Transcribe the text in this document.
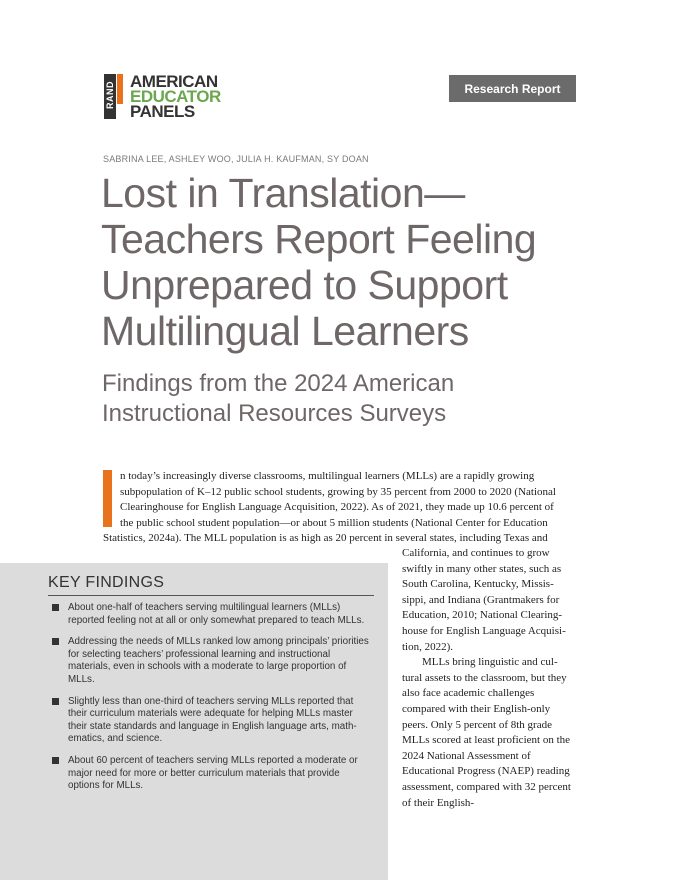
RAND AMERICAN
EDUCATOR
PANELS
Research Report
SABRINA LEE, ASHLEY WOO, JULIA H. KAUFMAN, SY DOAN
Lost in Translation— Teachers Report Feeling Unprepared to Support Multilingual Learners
Findings from the 2024 American Instructional Resources Surveys

n today’s increasingly diverse classrooms, multilingual learners (MLLs) are a rapidly growing

subpopulation of K–12 public school students, growing by 35 percent from 2000 to 2020 (National

Clearinghouse for English Language Acquisition, 2022). As of 2021, they made up 10.6 percent of

the public school student population—or about 5 million students (National Center for Education

Statistics, 2024a). The MLL population is as high as 20 percent in several states, including Texas and

KEY FINDINGS
About one-half of teachers serving multilingual learners (MLLs) reported feeling not at all or only somewhat prepared to teach MLLs.
Addressing the needs of MLLs ranked low among principals’ priorities for selecting teachers’ professional learning and instructional materials, even in schools with a moderate to large proportion of MLLs.
Slightly less than one-third of teachers serving MLLs reported that their curriculum materials were adequate for helping MLLs master their state standards and language in English language arts, mathematics, and science.
About 60 percent of teachers serving MLLs reported a moderate or major need for more or better curriculum materials that provide options for MLLs.

California, and continues to grow swiftly in many other states, such as South Carolina, Kentucky, Mississippi, and Indiana (Grantmakers for Education, 2010; National Clearinghouse for English Language Acquisition, 2022).

MLLs bring linguistic and cultural assets to the classroom, but they also face academic challenges compared with their English-only peers. Only 5 percent of 8th grade MLLs scored at least proficient on the 2024 National Assessment of Educational Progress (NAEP) reading assessment, compared with 32 percent of their English-
